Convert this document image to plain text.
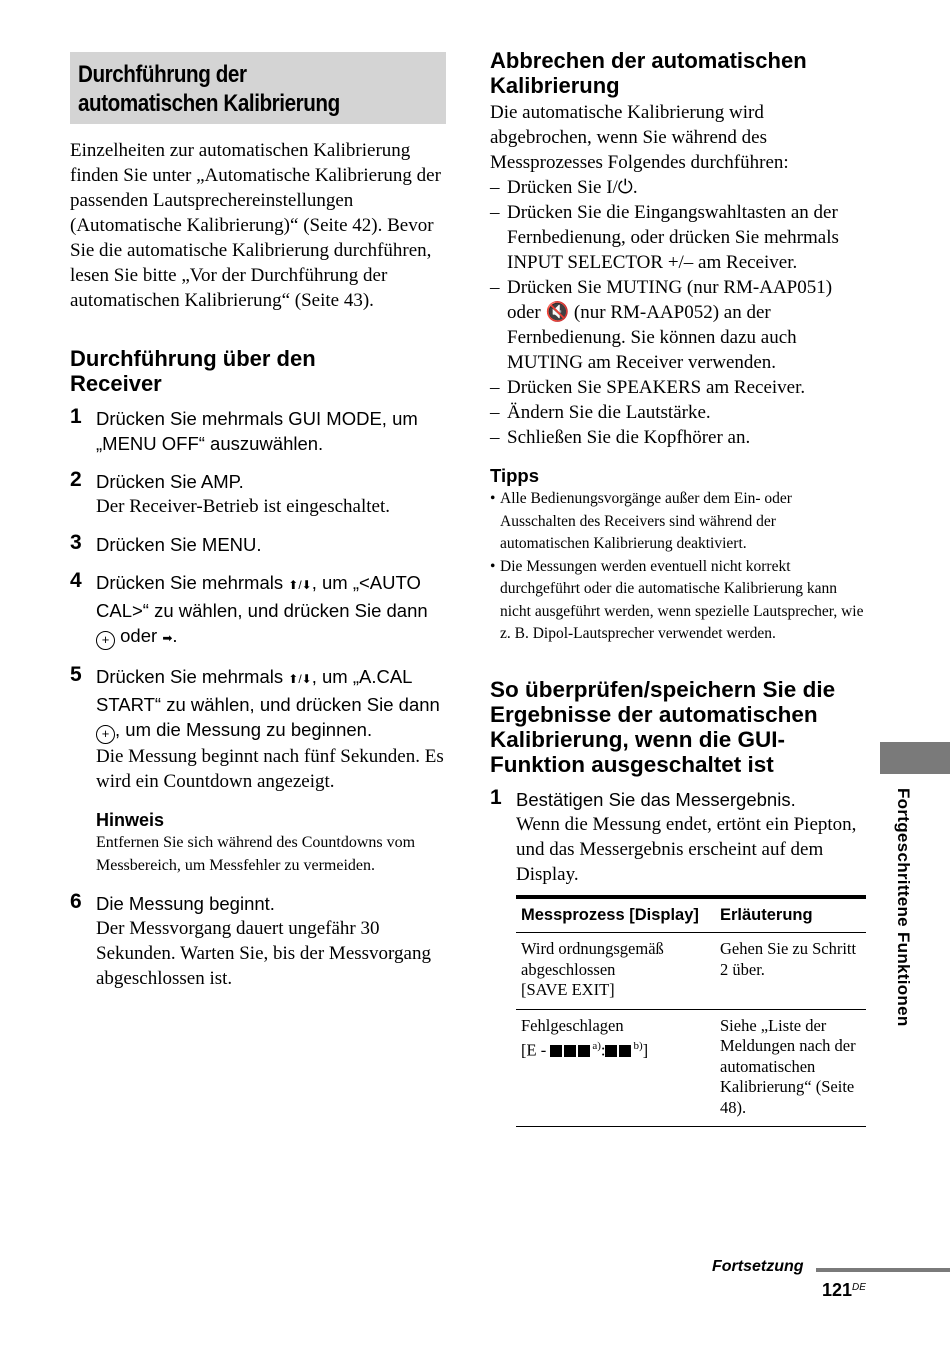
Durchführung der
automatischen Kalibrierung

Einzelheiten zur automatischen Kalibrierung finden Sie unter „Automatische Kalibrierung der passenden Lautsprechereinstellungen (Automatische Kalibrierung)“ (Seite 42). Bevor Sie die automatische Kalibrierung durchführen, lesen Sie bitte „Vor der Durchführung der automatischen Kalibrierung“ (Seite 43).

Durchführung über den Receiver
1 Drücken Sie mehrmals GUI MODE, um „MENU OFF“ auszuwählen.
2 Drücken Sie AMP.
Der Receiver-Betrieb ist eingeschaltet.
3 Drücken Sie MENU.
4 Drücken Sie mehrmals ⬆/⬇, um „<AUTO CAL>“ zu wählen, und drücken Sie dann + oder ➡.
5 Drücken Sie mehrmals ⬆/⬇, um „A.CAL START“ zu wählen, und drücken Sie dann + , um die Messung zu beginnen.
Die Messung beginnt nach fünf Sekunden. Es wird ein Countdown angezeigt.
Hinweis
Entfernen Sie sich während des Countdowns vom Messbereich, um Messfehler zu vermeiden.
6 Die Messung beginnt.
Der Messvorgang dauert ungefähr 30 Sekunden. Warten Sie, bis der Messvorgang abgeschlossen ist.
Abbrechen der automatischen Kalibrierung

Die automatische Kalibrierung wird abgebrochen, wenn Sie während des Messprozesses Folgendes durchführen:

– Drücken Sie I/⏻.
– Drücken Sie die Eingangswahltasten an der Fernbedienung, oder drücken Sie mehrmals INPUT SELECTOR +/– am Receiver.
– Drücken Sie MUTING (nur RM-AAP051) oder 🔇 (nur RM-AAP052) an der Fernbedienung. Sie können dazu auch MUTING am Receiver verwenden.
– Drücken Sie SPEAKERS am Receiver.
– Ändern Sie die Lautstärke.
– Schließen Sie die Kopfhörer an.
Tipps
• Alle Bedienungsvorgänge außer dem Ein- oder Ausschalten des Receivers sind während der automatischen Kalibrierung deaktiviert.
• Die Messungen werden eventuell nicht korrekt durchgeführt oder die automatische Kalibrierung kann nicht ausgeführt werden, wenn spezielle Lautsprecher, wie z. B. Dipol-Lautsprecher verwendet werden.
So überprüfen/speichern Sie die Ergebnisse der automatischen Kalibrierung, wenn die GUI-Funktion ausgeschaltet ist
1 Bestätigen Sie das Messergebnis.
Wenn die Messung endet, ertönt ein Piepton, und das Messergebnis erscheint auf dem Display.
Messprozess [Display]	Erläuterung
Wird ordnungsgemäß abgeschlossen
[SAVE EXIT]	Gehen Sie zu Schritt 2 über.
Fehlgeschlagen
[E - $^{a)}$: $^{b)}$]	Siehe „Liste der Meldungen nach der automatischen Kalibrierung“ (Seite 48).
Fortgeschrittene Funktionen
Fortsetzung
121DE
